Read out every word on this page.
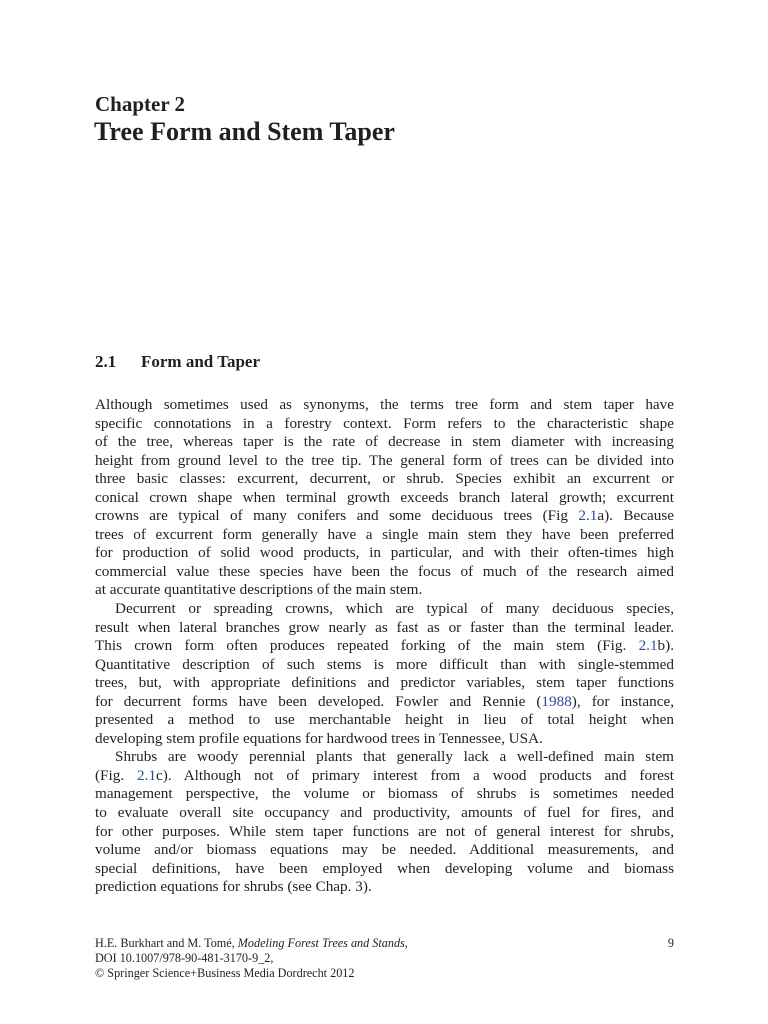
Chapter 2
Tree Form and Stem Taper
2.1 Form and Taper
Although sometimes used as synonyms, the terms tree form and stem taper have
specific connotations in a forestry context. Form refers to the characteristic shape
of the tree, whereas taper is the rate of decrease in stem diameter with increasing
height from ground level to the tree tip. The general form of trees can be divided into
three basic classes: excurrent, decurrent, or shrub. Species exhibit an excurrent or
conical crown shape when terminal growth exceeds branch lateral growth; excurrent
crowns are typical of many conifers and some deciduous trees (Fig 2.1a). Because
trees of excurrent form generally have a single main stem they have been preferred
for production of solid wood products, in particular, and with their often-times high
commercial value these species have been the focus of much of the research aimed
at accurate quantitative descriptions of the main stem.
Decurrent or spreading crowns, which are typical of many deciduous species,
result when lateral branches grow nearly as fast as or faster than the terminal leader.
This crown form often produces repeated forking of the main stem (Fig. 2.1b).
Quantitative description of such stems is more difficult than with single-stemmed
trees, but, with appropriate definitions and predictor variables, stem taper functions
for decurrent forms have been developed. Fowler and Rennie (1988), for instance,
presented a method to use merchantable height in lieu of total height when
developing stem profile equations for hardwood trees in Tennessee, USA.
Shrubs are woody perennial plants that generally lack a well-defined main stem
(Fig. 2.1c). Although not of primary interest from a wood products and forest
management perspective, the volume or biomass of shrubs is sometimes needed
to evaluate overall site occupancy and productivity, amounts of fuel for fires, and
for other purposes. While stem taper functions are not of general interest for shrubs,
volume and/or biomass equations may be needed. Additional measurements, and
special definitions, have been employed when developing volume and biomass
prediction equations for shrubs (see Chap. 3).
H.E. Burkhart and M. Tomé, Modeling Forest Trees and Stands,
DOI 10.1007/978-90-481-3170-9_2,
© Springer Science+Business Media Dordrecht 2012
9
